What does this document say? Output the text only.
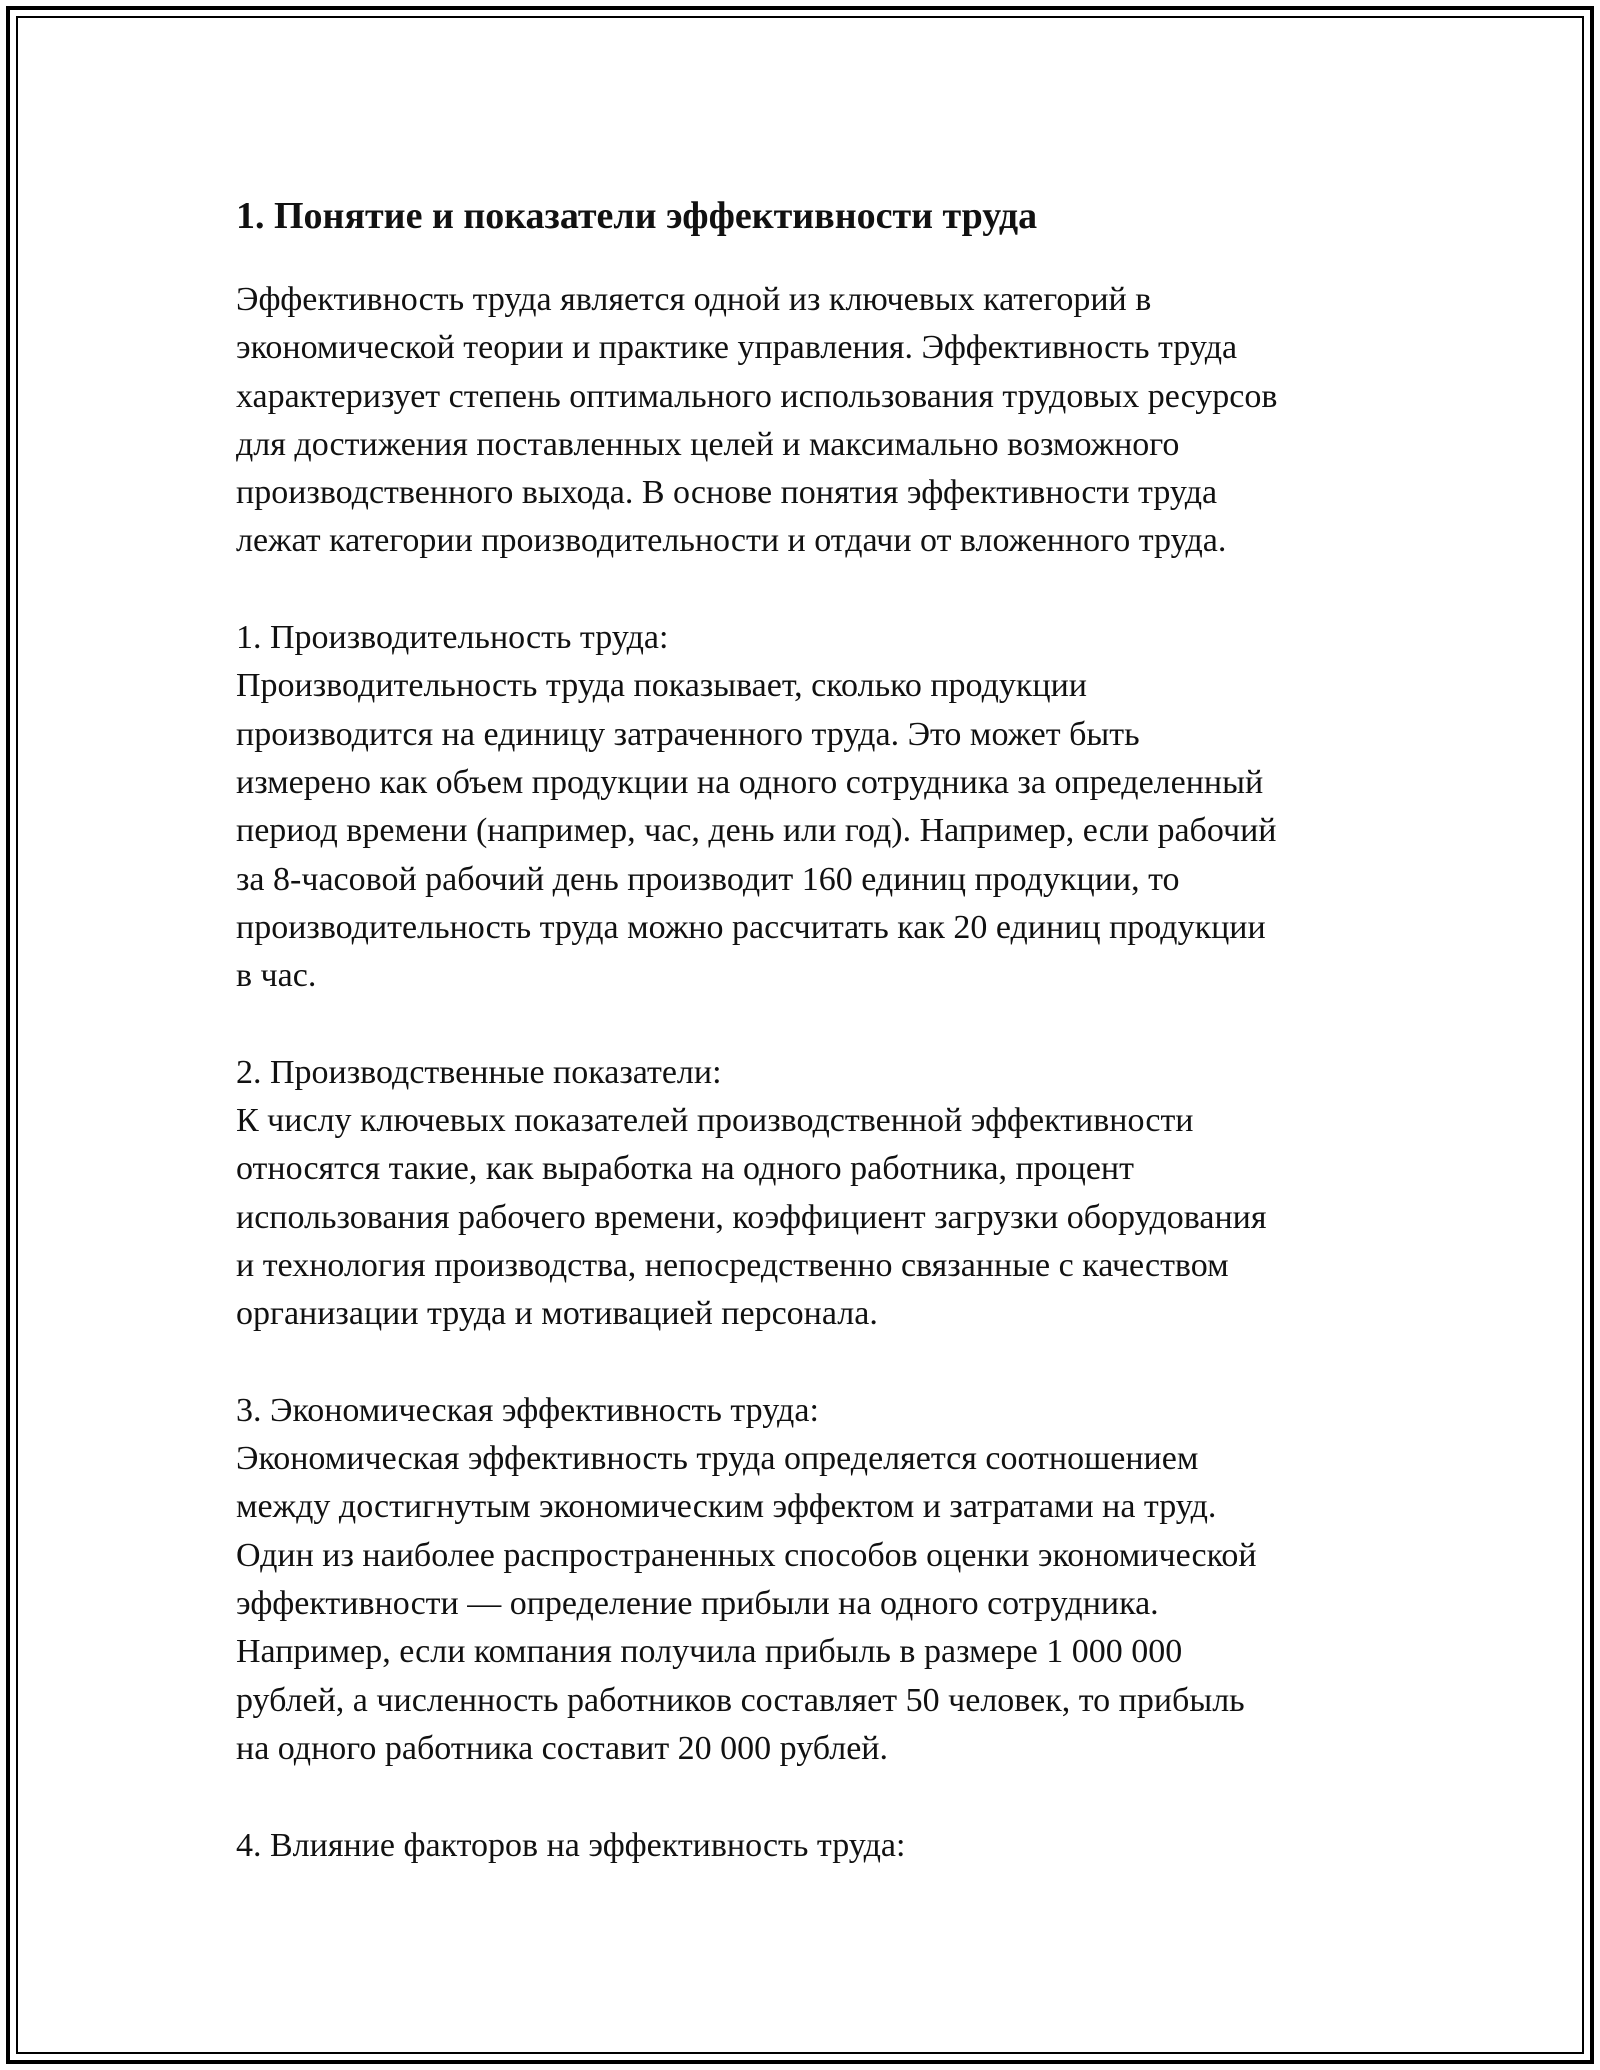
1. Понятие и показатели эффективности труда

Эффективность труда является одной из ключевых категорий в
экономической теории и практике управления. Эффективность труда
характеризует степень оптимального использования трудовых ресурсов
для достижения поставленных целей и максимально возможного
производственного выхода. В основе понятия эффективности труда
лежат категории производительности и отдачи от вложенного труда.

1. Производительность труда:

Производительность труда показывает, сколько продукции
производится на единицу затраченного труда. Это может быть
измерено как объем продукции на одного сотрудника за определенный
период времени (например, час, день или год). Например, если рабочий
за 8-часовой рабочий день производит 160 единиц продукции, то
производительность труда можно рассчитать как 20 единиц продукции
в час.

2. Производственные показатели:

К числу ключевых показателей производственной эффективности
относятся такие, как выработка на одного работника, процент
использования рабочего времени, коэффициент загрузки оборудования
и технология производства, непосредственно связанные с качеством
организации труда и мотивацией персонала.

3. Экономическая эффективность труда:

Экономическая эффективность труда определяется соотношением
между достигнутым экономическим эффектом и затратами на труд.
Один из наиболее распространенных способов оценки экономической
эффективности — определение прибыли на одного сотрудника.
Например, если компания получила прибыль в размере 1 000 000
рублей, а численность работников составляет 50 человек, то прибыль
на одного работника составит 20 000 рублей.

4. Влияние факторов на эффективность труда:
